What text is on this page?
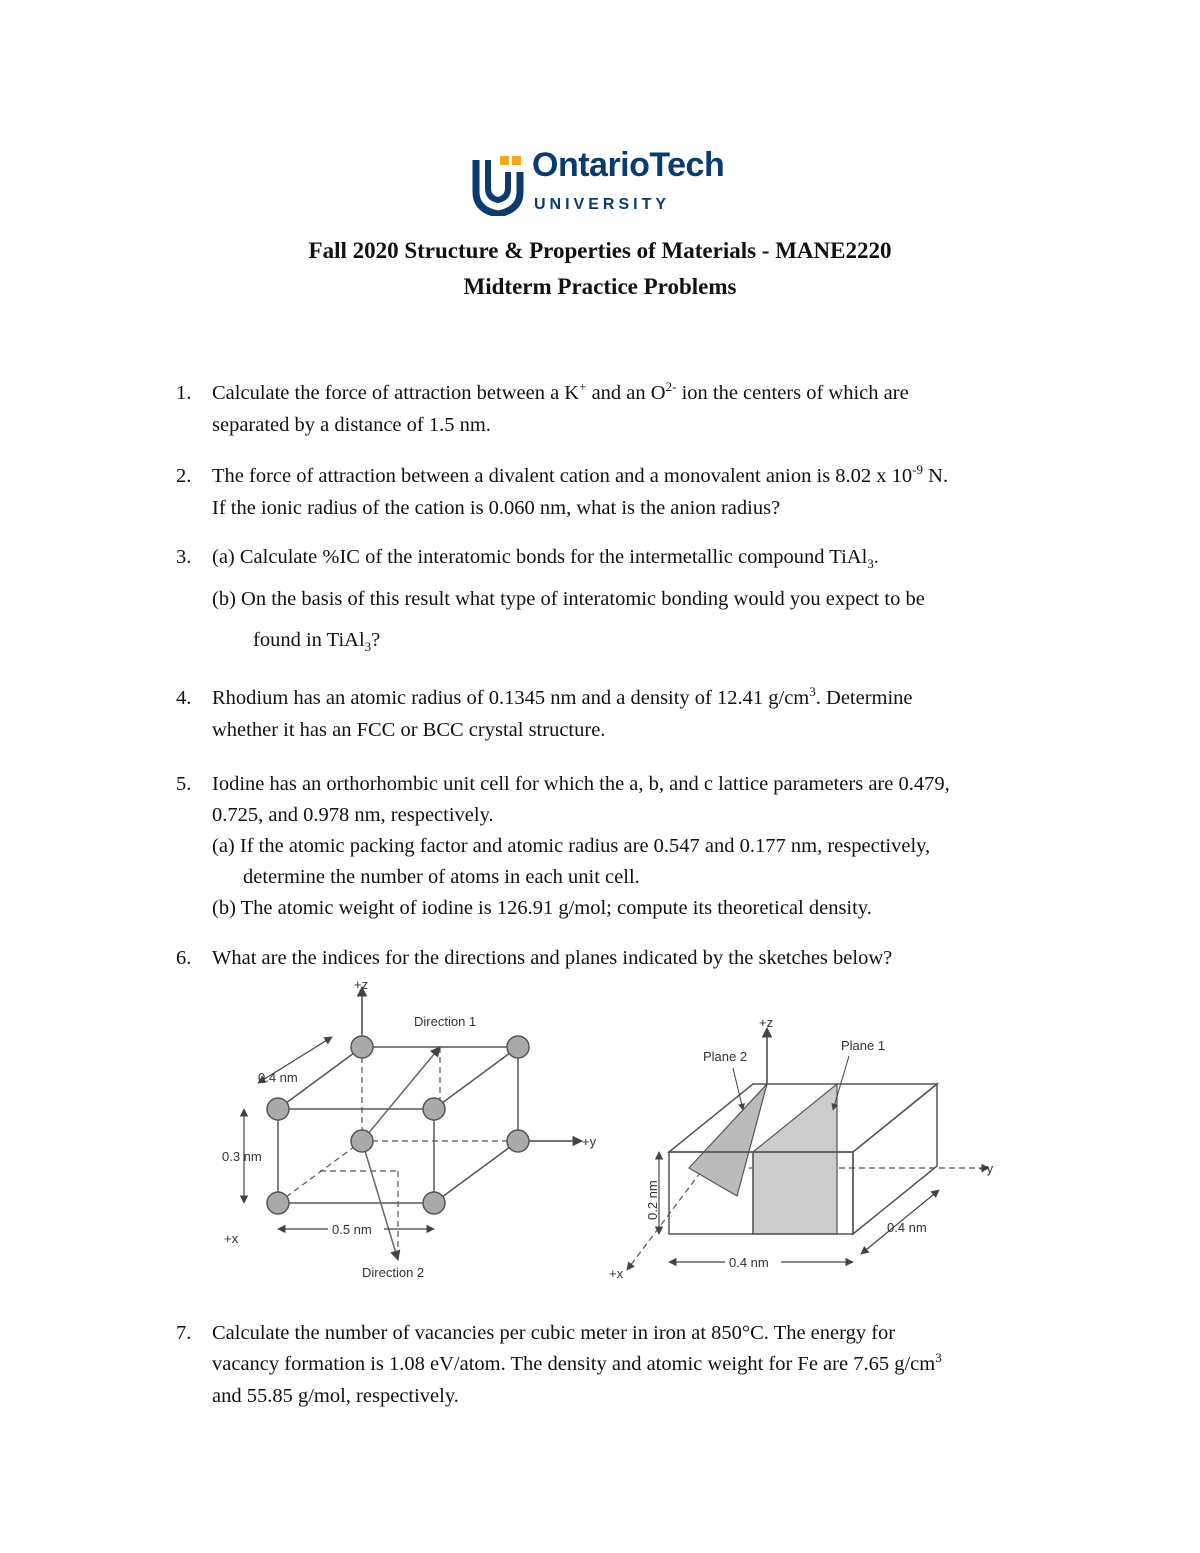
OntarioTech
UNIVERSITY
Fall 2020 Structure & Properties of Materials - MANE2220
Midterm Practice Problems
1. Calculate the force of attraction between a K+ and an $O^{2-}$ ion the centers of which are
separated by a distance of 1.5 nm.
2. The force of attraction between a divalent cation and a monovalent anion is 8.02 x $10^{-9}$ N.
If the ionic radius of the cation is 0.060 nm, what is the anion radius?
3. (a) Calculate %IC of the interatomic bonds for the intermetallic compound TiAl$_3$.
(b) On the basis of this result what type of interatomic bonding would you expect to be
found in TiAl$_3$?
4. Rhodium has an atomic radius of 0.1345 nm and a density of 12.41 $g/cm^3$. Determine
whether it has an FCC or BCC crystal structure.
5. Iodine has an orthorhombic unit cell for which the a, b, and c lattice parameters are 0.479,
0.725, and 0.978 nm, respectively.
(a) If the atomic packing factor and atomic radius are 0.547 and 0.177 nm, respectively,
determine the number of atoms in each unit cell.
(b) The atomic weight of iodine is 126.91 g/mol; compute its theoretical density.
6. What are the indices for the directions and planes indicated by the sketches below?
+z
+y
+x
0.4 nm
0.3 nm
0.5 nm
Direction 1
Direction 2
+z
+y
+x
Plane 2
Plane 1
0.2 nm
0.4 nm
0.4 nm
7. Calculate the number of vacancies per cubic meter in iron at 850°C. The energy for
vacancy formation is 1.08 eV/atom. The density and atomic weight for Fe are 7.65 $g/cm^3$
and 55.85 g/mol, respectively.
